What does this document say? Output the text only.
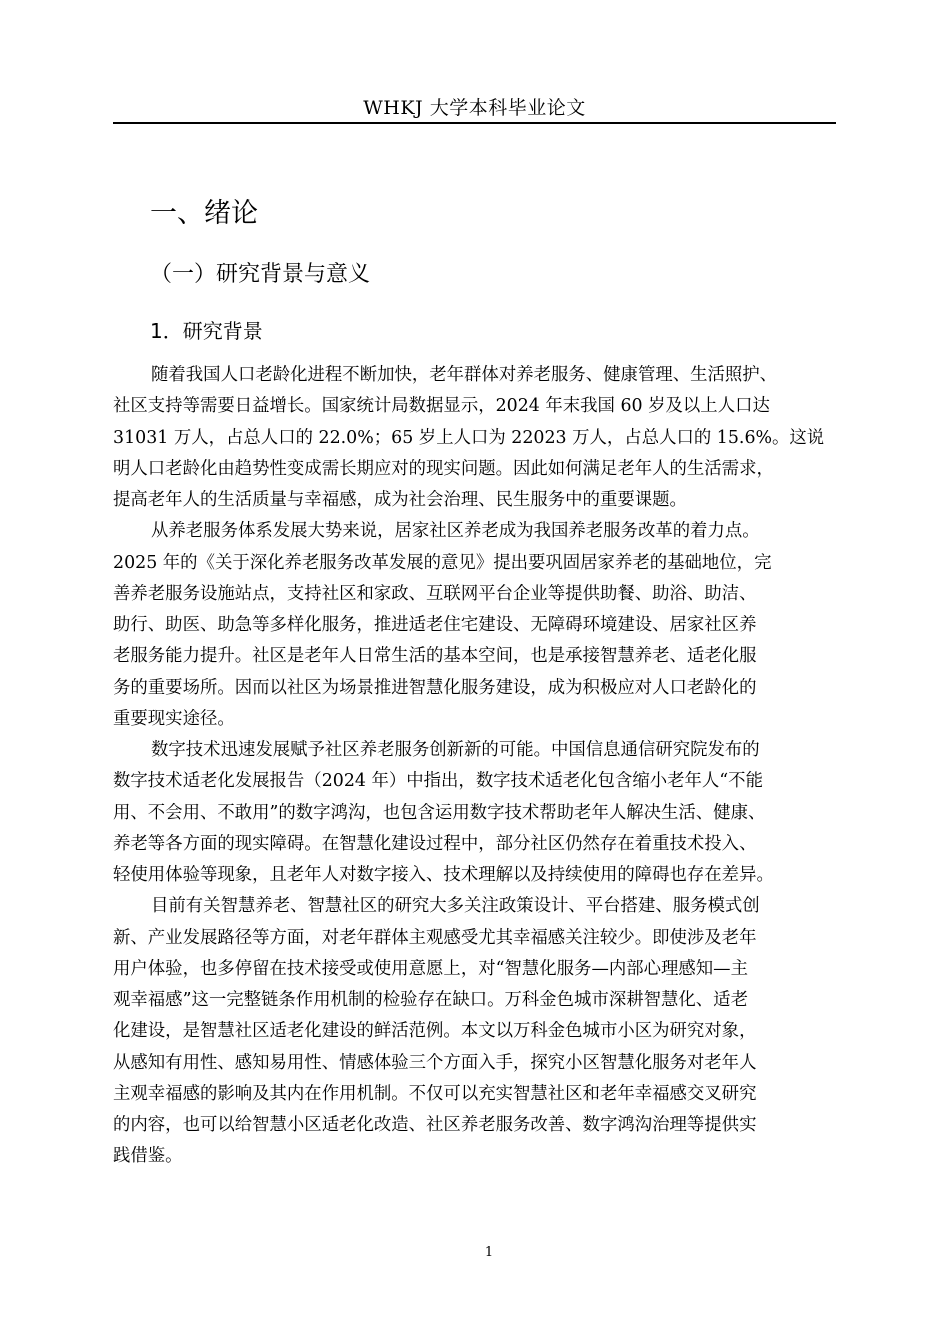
WHKJ 大学本科毕业论文
一、绪论
（一）研究背景与意义
1．研究背景
随着我国人口老龄化进程不断加快，老年群体对养老服务、健康管理、生活照护、
社区支持等需要日益增长。国家统计局数据显示，2024 年末我国 60 岁及以上人口达
31031 万人，占总人口的 22.0%；65 岁上人口为 22023 万人，占总人口的 15.6%。这说
明人口老龄化由趋势性变成需长期应对的现实问题。因此如何满足老年人的生活需求，
提高老年人的生活质量与幸福感，成为社会治理、民生服务中的重要课题。
从养老服务体系发展大势来说，居家社区养老成为我国养老服务改革的着力点。
2025 年的《关于深化养老服务改革发展的意见》提出要巩固居家养老的基础地位，完
善养老服务设施站点，支持社区和家政、互联网平台企业等提供助餐、助浴、助洁、
助行、助医、助急等多样化服务，推进适老住宅建设、无障碍环境建设、居家社区养
老服务能力提升。社区是老年人日常生活的基本空间，也是承接智慧养老、适老化服
务的重要场所。因而以社区为场景推进智慧化服务建设，成为积极应对人口老龄化的
重要现实途径。
数字技术迅速发展赋予社区养老服务创新新的可能。中国信息通信研究院发布的
数字技术适老化发展报告（2024 年）中指出，数字技术适老化包含缩小老年人“不能
用、不会用、不敢用”的数字鸿沟，也包含运用数字技术帮助老年人解决生活、健康、
养老等各方面的现实障碍。在智慧化建设过程中，部分社区仍然存在着重技术投入、
轻使用体验等现象，且老年人对数字接入、技术理解以及持续使用的障碍也存在差异。
目前有关智慧养老、智慧社区的研究大多关注政策设计、平台搭建、服务模式创
新、产业发展路径等方面，对老年群体主观感受尤其幸福感关注较少。即使涉及老年
用户体验，也多停留在技术接受或使用意愿上，对“智慧化服务—内部心理感知—主
观幸福感”这一完整链条作用机制的检验存在缺口。万科金色城市深耕智慧化、适老
化建设，是智慧社区适老化建设的鲜活范例。本文以万科金色城市小区为研究对象，
从感知有用性、感知易用性、情感体验三个方面入手，探究小区智慧化服务对老年人
主观幸福感的影响及其内在作用机制。不仅可以充实智慧社区和老年幸福感交叉研究
的内容，也可以给智慧小区适老化改造、社区养老服务改善、数字鸿沟治理等提供实
践借鉴。
1
